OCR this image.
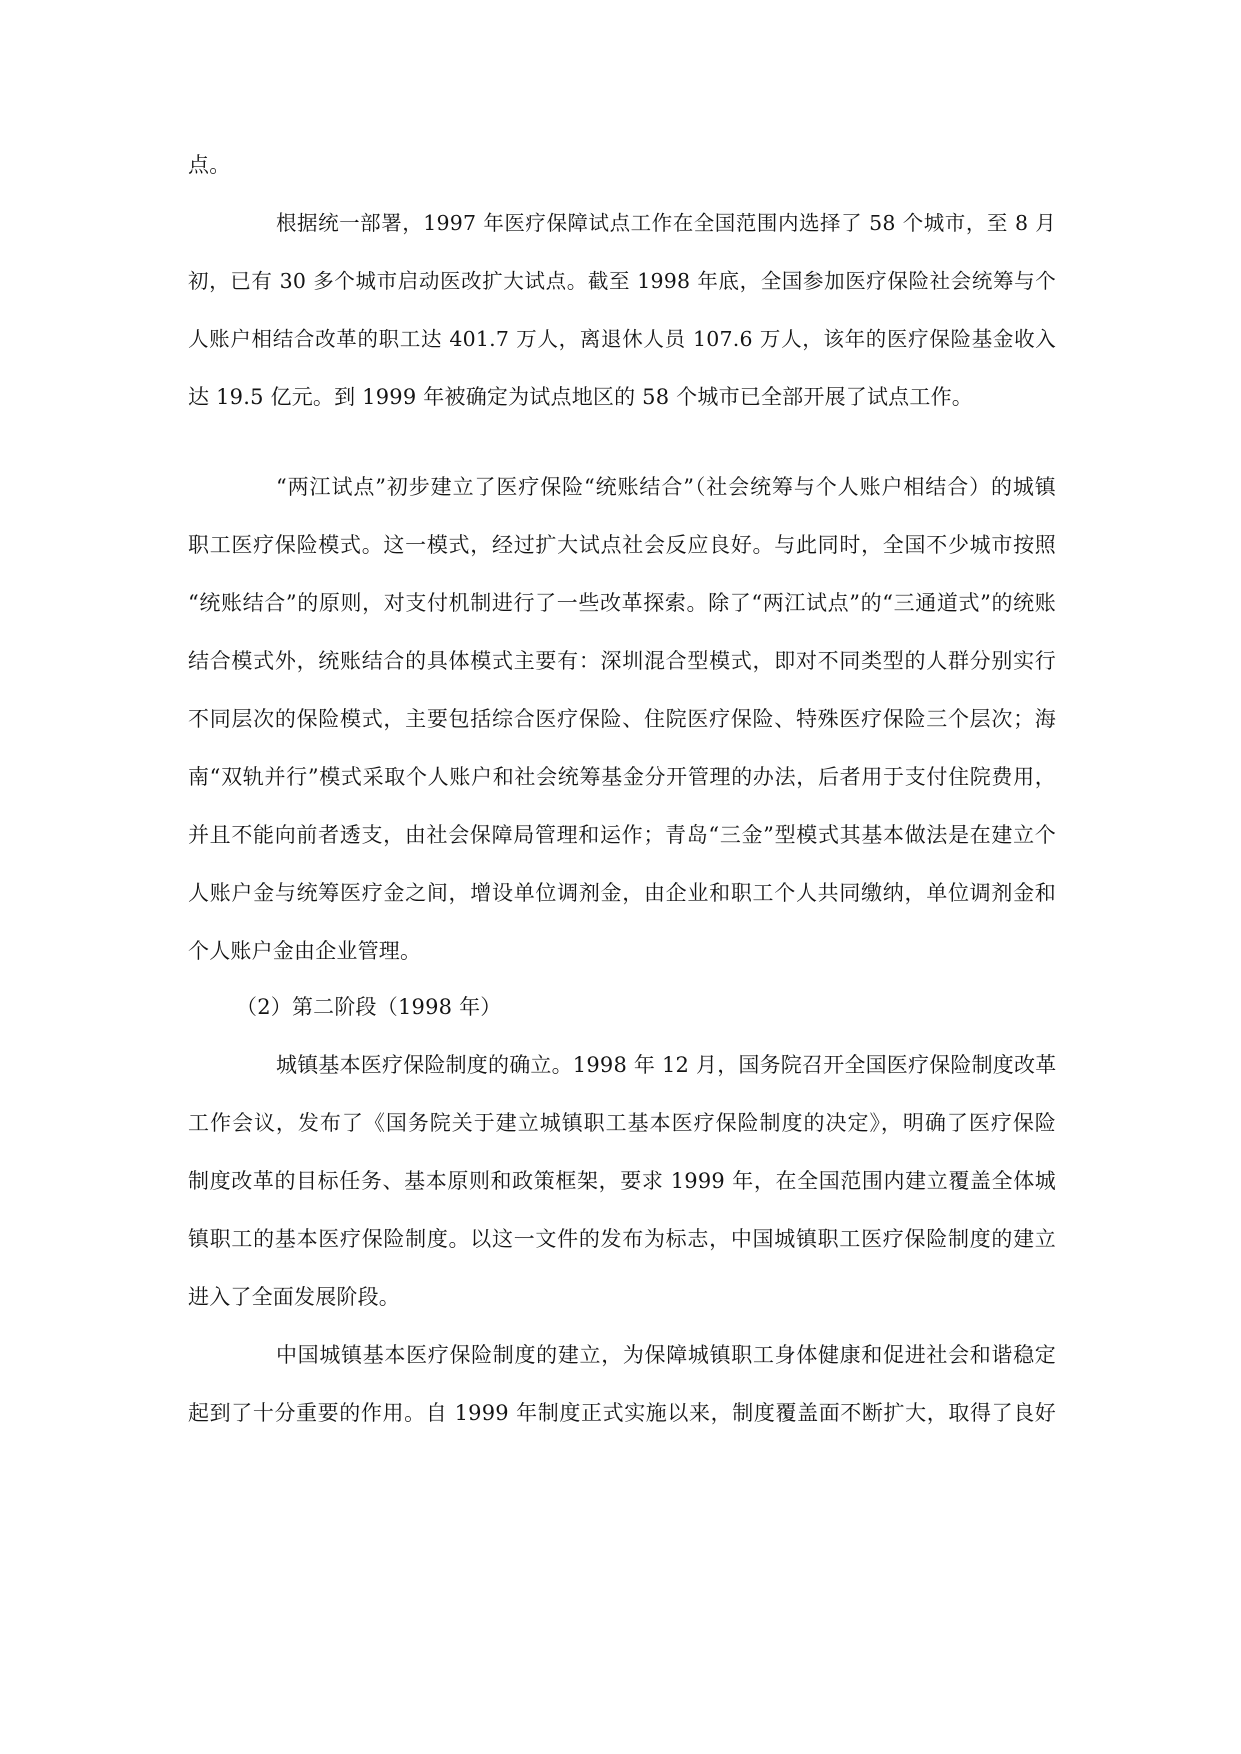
点。
根据统一部署，1997 年医疗保障试点工作在全国范围内选择了 58 个城市，至 8 月
初，已有 30 多个城市启动医改扩大试点。截至 1998 年底，全国参加医疗保险社会统筹与个
人账户相结合改革的职工达 401.7 万人，离退休人员 107.6 万人，该年的医疗保险基金收入
达 19.5 亿元。到 1999 年被确定为试点地区的 58 个城市已全部开展了试点工作。
“两江试点”初步建立了医疗保险“统账结合”（社会统筹与个人账户相结合）的城镇
职工医疗保险模式。这一模式，经过扩大试点社会反应良好。与此同时，全国不少城市按照
“统账结合”的原则，对支付机制进行了一些改革探索。除了“两江试点”的“三通道式”的统账
结合模式外，统账结合的具体模式主要有：深圳混合型模式，即对不同类型的人群分别实行
不同层次的保险模式，主要包括综合医疗保险、住院医疗保险、特殊医疗保险三个层次；海
南“双轨并行”模式采取个人账户和社会统筹基金分开管理的办法，后者用于支付住院费用，
并且不能向前者透支，由社会保障局管理和运作；青岛“三金”型模式其基本做法是在建立个
人账户金与统筹医疗金之间，增设单位调剂金，由企业和职工个人共同缴纳，单位调剂金和
个人账户金由企业管理。
（2）第二阶段（1998 年）
城镇基本医疗保险制度的确立。1998 年 12 月，国务院召开全国医疗保险制度改革
工作会议，发布了《国务院关于建立城镇职工基本医疗保险制度的决定》，明确了医疗保险
制度改革的目标任务、基本原则和政策框架，要求 1999 年，在全国范围内建立覆盖全体城
镇职工的基本医疗保险制度。以这一文件的发布为标志，中国城镇职工医疗保险制度的建立
进入了全面发展阶段。
中国城镇基本医疗保险制度的建立，为保障城镇职工身体健康和促进社会和谐稳定
起到了十分重要的作用。自 1999 年制度正式实施以来，制度覆盖面不断扩大，取得了良好
